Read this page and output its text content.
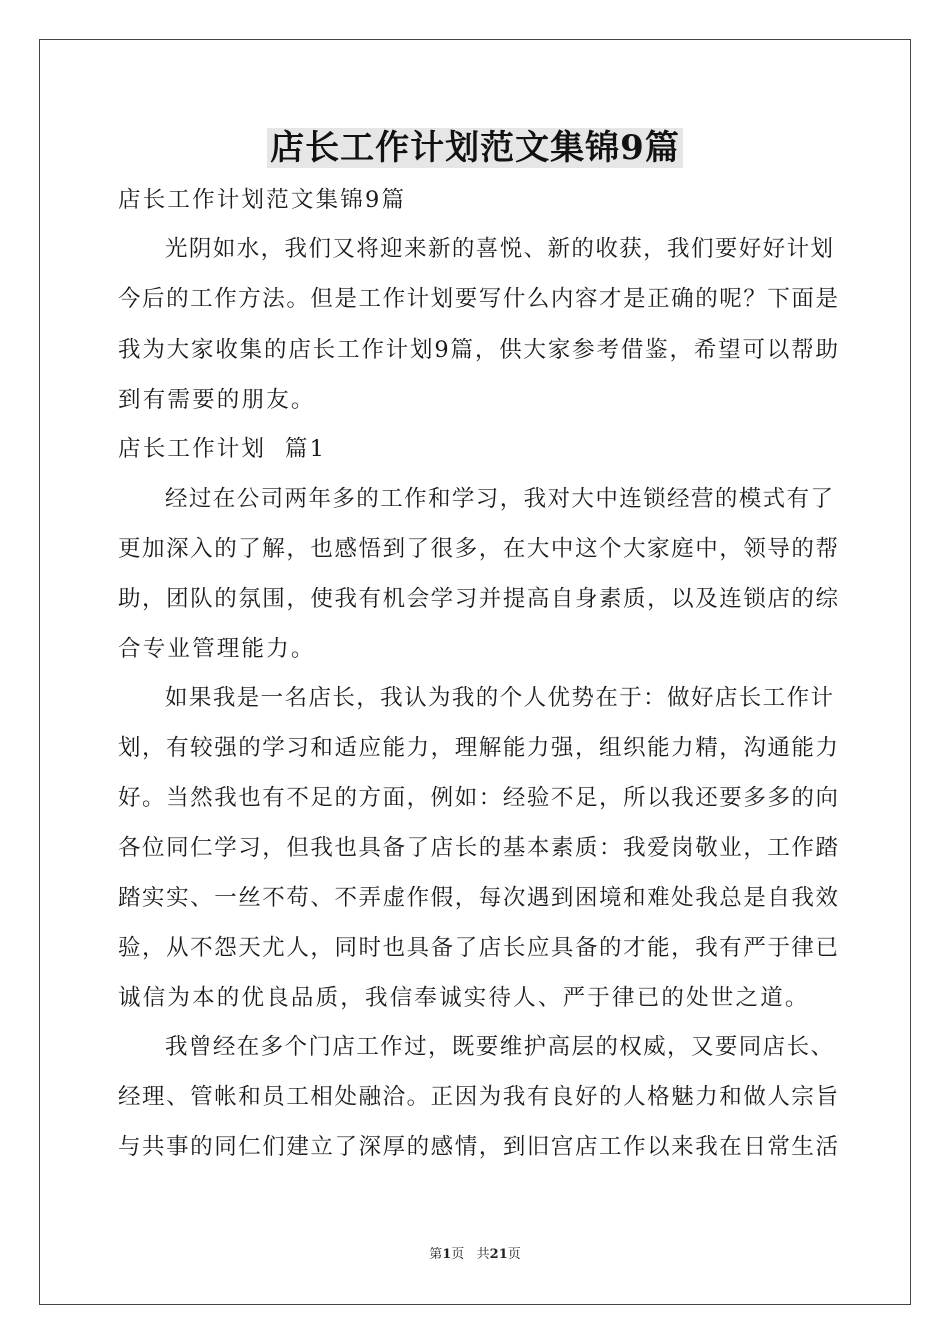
店长工作计划范文集锦9篇
店长工作计划范文集锦9篇
光阴如水，我们又将迎来新的喜悦、新的收获，我们要好好计划
今后的工作方法。但是工作计划要写什么内容才是正确的呢？下面是
我为大家收集的店长工作计划9篇，供大家参考借鉴，希望可以帮助
到有需要的朋友。
店长工作计划  篇1
经过在公司两年多的工作和学习，我对大中连锁经营的模式有了
更加深入的了解，也感悟到了很多，在大中这个大家庭中，领导的帮
助，团队的氛围，使我有机会学习并提高自身素质，以及连锁店的综
合专业管理能力。
如果我是一名店长，我认为我的个人优势在于：做好店长工作计
划，有较强的学习和适应能力，理解能力强，组织能力精，沟通能力
好。当然我也有不足的方面，例如：经验不足，所以我还要多多的向
各位同仁学习，但我也具备了店长的基本素质：我爱岗敬业，工作踏
踏实实、一丝不苟、不弄虚作假，每次遇到困境和难处我总是自我效
验，从不怨天尤人，同时也具备了店长应具备的才能，我有严于律已
诚信为本的优良品质，我信奉诚实待人、严于律已的处世之道。
我曾经在多个门店工作过，既要维护高层的权威，又要同店长、
经理、管帐和员工相处融洽。正因为我有良好的人格魅力和做人宗旨
与共事的同仁们建立了深厚的感情，到旧宫店工作以来我在日常生活
第1页   共21页
